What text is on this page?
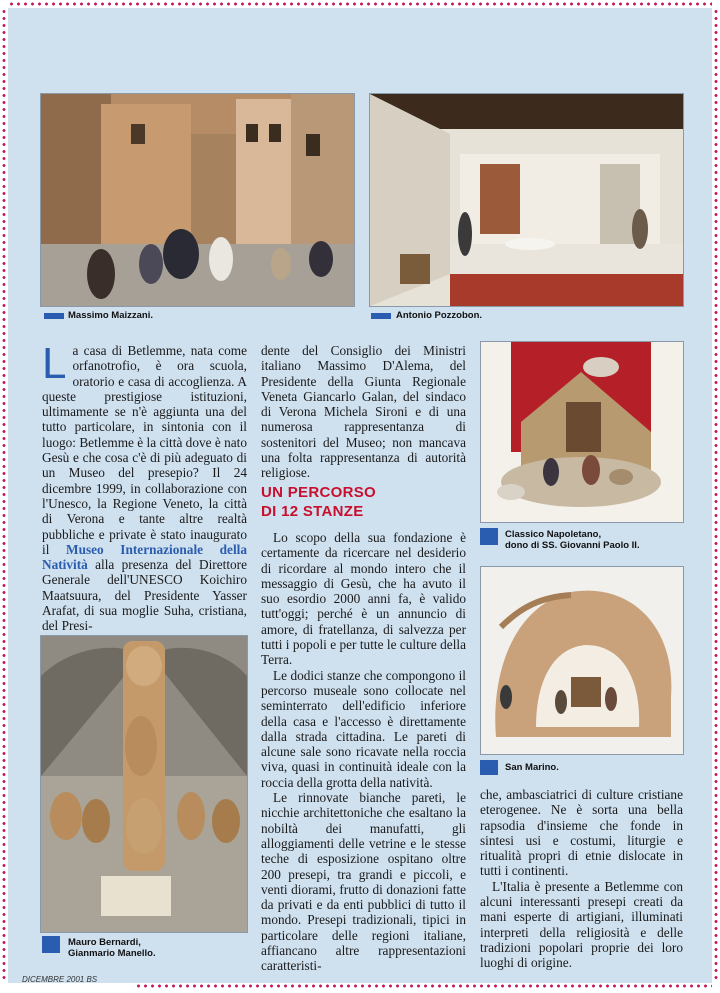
Massimo Maizzani.	Antonio Pozzobon.
Classico Napoletano,
dono di SS. Giovanni Paolo II.
San Marino.
Mauro Bernardi,
Gianmario Manello.

La casa di Betlemme, nata come orfanotrofio, è ora scuola, oratorio e casa di accoglienza. A queste prestigiose istituzioni, ultimamente se n'è aggiunta una del tutto particolare, in sintonia con il luogo: Betlemme è la città dove è nato Gesù e che cosa c'è di più adeguato di un Museo del presepio? Il 24 dicembre 1999, in collaborazione con l'Unesco, la Regione Veneto, la città di Verona e tante altre realtà pubbliche e private è stato inaugurato il Museo Internazionale della Natività alla presenza del Direttore Generale dell'UNESCO Koichiro Maatsuura, del Presidente Yasser Arafat, di sua moglie Suha, cristiana, del Presi-

dente del Consiglio dei Ministri italiano Massimo D'Alema, del Presidente della Giunta Regionale Veneta Giancarlo Galan, del sindaco di Verona Michela Sironi e di una numerosa rappresentanza di sostenitori del Museo; non mancava una folta rappresentanza di autorità religiose.

UN PERCORSO
DI 12 STANZE

Lo scopo della sua fondazione è certamente da ricercare nel desiderio di ricordare al mondo intero che il messaggio di Gesù, che ha avuto il suo esordio 2000 anni fa, è valido tutt'oggi; perché è un annuncio di amore, di fratellanza, di salvezza per tutti i popoli e per tutte le culture della Terra.

Le dodici stanze che compongono il percorso museale sono collocate nel seminterrato dell'edificio inferiore della casa e l'accesso è direttamente dalla strada cittadina. Le pareti di alcune sale sono ricavate nella roccia viva, quasi in continuità ideale con la roccia della grotta della natività.

Le rinnovate bianche pareti, le nicchie architettoniche che esaltano la nobiltà dei manufatti, gli alloggiamenti delle vetrine e le stesse teche di esposizione ospitano oltre 200 presepi, tra grandi e piccoli, e venti diorami, frutto di donazioni fatte da privati e da enti pubblici di tutto il mondo. Presepi tradizionali, tipici in particolare delle regioni italiane, affiancano altre rappresentazioni caratteristi-

che, ambasciatrici di culture cristiane eterogenee. Ne è sorta una bella rapsodia d'insieme che fonde in sintesi usi e costumi, liturgie e ritualità propri di etnie dislocate in tutti i continenti.

L'Italia è presente a Betlemme con alcuni interessanti presepi creati da mani esperte di artigiani, illuminati interpreti della religiosità e delle tradizioni popolari proprie dei loro luoghi di origine.

DICEMBRE 2001 BS
